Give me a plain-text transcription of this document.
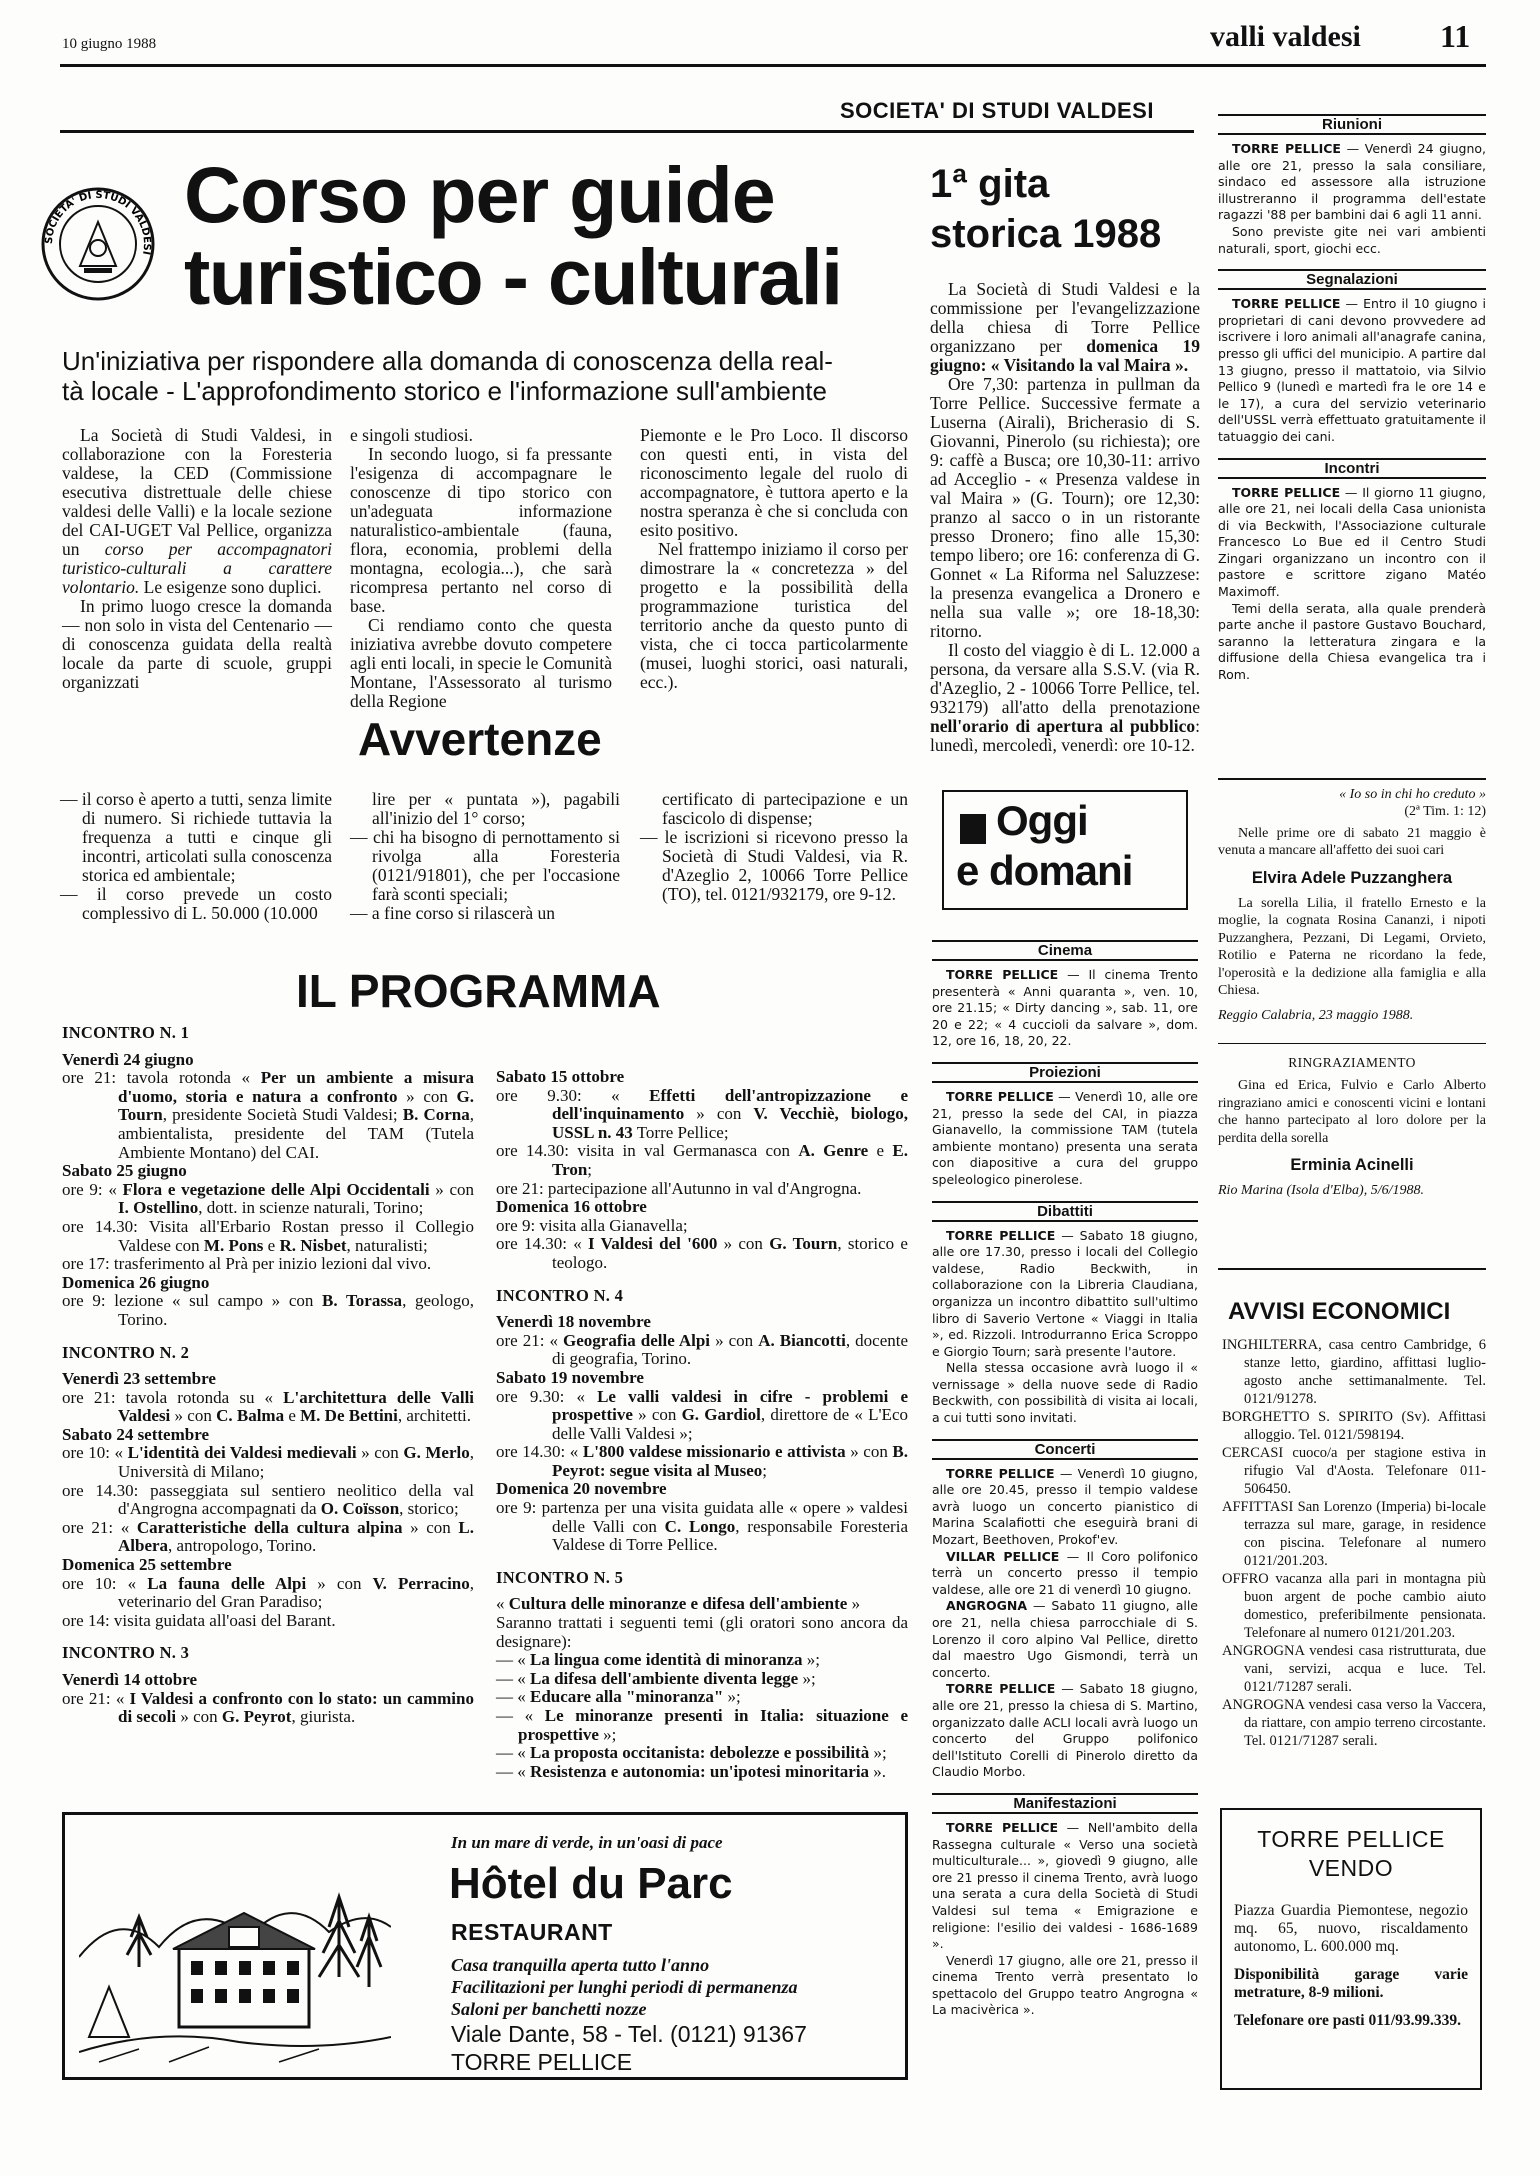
10 giugno 1988	valli valdesi 11
SOCIETA' DI STUDI VALDESI
SOCIETA' DI STUDI VALDESI
Corso per guide
turistico - culturali
Un'iniziativa per rispondere alla domanda di conoscenza della real-
tà locale - L'approfondimento storico e l'informazione sull'ambiente

La Società di Studi Valdesi, in collaborazione con la Foresteria valdese, la CED (Commissione esecutiva distrettuale delle chiese valdesi delle Valli) e la locale sezione del CAI-UGET Val Pellice, organizza un corso per accompagnatori turistico-culturali a carattere volontario. Le esigenze sono duplici.

In primo luogo cresce la domanda — non solo in vista del Centenario — di conoscenza guidata della realtà locale da parte di scuole, gruppi organizzati

e singoli studiosi.

In secondo luogo, si fa pressante l'esigenza di accompagnare le conoscenze di tipo storico con un'adeguata informazione naturalistico-ambientale (fauna, flora, economia, problemi della montagna, ecologia...), che sarà ricompresa pertanto nel corso di base.

Ci rendiamo conto che questa iniziativa avrebbe dovuto competere agli enti locali, in specie le Comunità Montane, l'Assessorato al turismo della Regione

Piemonte e le Pro Loco. Il discorso con questi enti, in vista del riconoscimento legale del ruolo di accompagnatore, è tuttora aperto e la nostra speranza è che si concluda con esito positivo.

Nel frattempo iniziamo il corso per dimostrare la « concretezza » del progetto e la possibilità della programmazione turistica del territorio anche da questo punto di vista, che ci tocca particolarmente (musei, luoghi storici, oasi naturali, ecc.).

Avvertenze

— il corso è aperto a tutti, senza limite di numero. Si richiede tuttavia la frequenza a tutti e cinque gli incontri, articolati sulla conoscenza storica ed ambientale;

— il corso prevede un costo complessivo di L. 50.000 (10.000

lire per « puntata »), pagabili all'inizio del 1° corso;

— chi ha bisogno di pernottamento si rivolga alla Foresteria (0121/91801), che per l'occasione farà sconti speciali;

— a fine corso si rilascerà un

certificato di partecipazione e un fascicolo di dispense;

— le iscrizioni si ricevono presso la Società di Studi Valdesi, via R. d'Azeglio 2, 10066 Torre Pellice (TO), tel. 0121/932179, ore 9-12.

IL PROGRAMMA
INCONTRO N. 1
Venerdì 24 giugno
ore 21: tavola rotonda « Per un ambiente a misura d'uomo, storia e natura a confronto » con G. Tourn, presidente Società Studi Valdesi; B. Corna, ambientalista, presidente del TAM (Tutela Ambiente Montano) del CAI.
Sabato 25 giugno
ore 9: « Flora e vegetazione delle Alpi Occidentali » con I. Ostellino, dott. in scienze naturali, Torino;
ore 14.30: Visita all'Erbario Rostan presso il Collegio Valdese con M. Pons e R. Nisbet, naturalisti;
ore 17: trasferimento al Prà per inizio lezioni dal vivo.
Domenica 26 giugno
ore 9: lezione « sul campo » con B. Torassa, geologo, Torino.
INCONTRO N. 2
Venerdì 23 settembre
ore 21: tavola rotonda su « L'architettura delle Valli Valdesi » con C. Balma e M. De Bettini, architetti.
Sabato 24 settembre
ore 10: « L'identità dei Valdesi medievali » con G. Merlo, Università di Milano;
ore 14.30: passeggiata sul sentiero neolitico della val d'Angrogna accompagnati da O. Coïsson, storico;
ore 21: « Caratteristiche della cultura alpina » con L. Albera, antropologo, Torino.
Domenica 25 settembre
ore 10: « La fauna delle Alpi » con V. Perracino, veterinario del Gran Paradiso;
ore 14: visita guidata all'oasi del Barant.
INCONTRO N. 3
Venerdì 14 ottobre
ore 21: « I Valdesi a confronto con lo stato: un cammino di secoli » con G. Peyrot, giurista.
Sabato 15 ottobre
ore 9.30: « Effetti dell'antropizzazione e dell'inquinamento » con V. Vecchiè, biologo, USSL n. 43 Torre Pellice;
ore 14.30: visita in val Germanasca con A. Genre e E. Tron;
ore 21: partecipazione all'Autunno in val d'Angrogna.
Domenica 16 ottobre
ore 9: visita alla Gianavella;
ore 14.30: « I Valdesi del '600 » con G. Tourn, storico e teologo.
INCONTRO N. 4
Venerdì 18 novembre
ore 21: « Geografia delle Alpi » con A. Biancotti, docente di geografia, Torino.
Sabato 19 novembre
ore 9.30: « Le valli valdesi in cifre - problemi e prospettive » con G. Gardiol, direttore de « L'Eco delle Valli Valdesi »;
ore 14.30: « L'800 valdese missionario e attivista » con B. Peyrot: segue visita al Museo;
Domenica 20 novembre
ore 9: partenza per una visita guidata alle « opere » valdesi delle Valli con C. Longo, responsabile Foresteria Valdese di Torre Pellice.
INCONTRO N. 5
« Cultura delle minoranze e difesa dell'ambiente »
Saranno trattati i seguenti temi (gli oratori sono ancora da designare):
— « La lingua come identità di minoranza »;
— « La difesa dell'ambiente diventa legge »;
— « Educare alla "minoranza" »;
— « Le minoranze presenti in Italia: situazione e prospettive »;
— « La proposta occitanista: debolezze e possibilità »;
— « Resistenza e autonomia: un'ipotesi minoritaria ».
1ª gita
storica 1988

La Società di Studi Valdesi e la commissione per l'evangelizzazione della chiesa di Torre Pellice organizzano per domenica 19 giugno: « Visitando la val Maira ».

Ore 7,30: partenza in pullman da Torre Pellice. Successive fermate a Luserna (Airali), Bricherasio di S. Giovanni, Pinerolo (su richiesta); ore 9: caffè a Busca; ore 10,30-11: arrivo ad Acceglio - « Presenza valdese in val Maira » (G. Tourn); ore 12,30: pranzo al sacco o in un ristorante presso Dronero; fino alle 15,30: tempo libero; ore 16: conferenza di G. Gonnet « La Riforma nel Saluzzese: la presenza evangelica a Dronero e nella sua valle »; ore 18-18,30: ritorno.

Il costo del viaggio è di L. 12.000 a persona, da versare alla S.S.V. (via R. d'Azeglio, 2 - 10066 Torre Pellice, tel. 932179) all'atto della prenotazione nell'orario di apertura al pubblico: lunedì, mercoledì, venerdì: ore 10-12.

Oggi
e domani
Cinema

TORRE PELLICE — Il cinema Trento presenterà « Anni quaranta », ven. 10, ore 21.15; « Dirty dancing », sab. 11, ore 20 e 22; « 4 cuccioli da salvare », dom. 12, ore 16, 18, 20, 22.

Proiezioni

TORRE PELLICE — Venerdì 10, alle ore 21, presso la sede del CAI, in piazza Gianavello, la commissione TAM (tutela ambiente montano) presenta una serata con diapositive a cura del gruppo speleologico pinerolese.

Dibattiti

TORRE PELLICE — Sabato 18 giugno, alle ore 17.30, presso i locali del Collegio valdese, Radio Beckwith, in collaborazione con la Libreria Claudiana, organizza un incontro dibattito sull'ultimo libro di Saverio Vertone « Viaggi in Italia », ed. Rizzoli. Introdurranno Erica Scroppo e Giorgio Tourn; sarà presente l'autore.

Nella stessa occasione avrà luogo il « vernissage » della nuove sede di Radio Beckwith, con possibilità di visita ai locali, a cui tutti sono invitati.

Concerti

TORRE PELLICE — Venerdì 10 giugno, alle ore 20.45, presso il tempio valdese avrà luogo un concerto pianistico di Marina Scalafiotti che eseguirà brani di Mozart, Beethoven, Prokof'ev.

VILLAR PELLICE — Il Coro polifonico terrà un concerto presso il tempio valdese, alle ore 21 di venerdì 10 giugno.

ANGROGNA — Sabato 11 giugno, alle ore 21, nella chiesa parrocchiale di S. Lorenzo il coro alpino Val Pellice, diretto dal maestro Ugo Gismondi, terrà un concerto.

TORRE PELLICE — Sabato 18 giugno, alle ore 21, presso la chiesa di S. Martino, organizzato dalle ACLI locali avrà luogo un concerto del Gruppo polifonico dell'Istituto Corelli di Pinerolo diretto da Claudio Morbo.

Manifestazioni

TORRE PELLICE — Nell'ambito della Rassegna culturale « Verso una società multiculturale... », giovedì 9 giugno, alle ore 21 presso il cinema Trento, avrà luogo una serata a cura della Società di Studi Valdesi sul tema « Emigrazione e religione: l'esilio dei valdesi - 1686-1689 ».

Venerdì 17 giugno, alle ore 21, presso il cinema Trento verrà presentato lo spettacolo del Gruppo teatro Angrogna « La macivèrica ».

Riunioni

TORRE PELLICE — Venerdì 24 giugno, alle ore 21, presso la sala consiliare, sindaco ed assessore alla istruzione illustreranno il programma dell'estate ragazzi '88 per bambini dai 6 agli 11 anni.

Sono previste gite nei vari ambienti naturali, sport, giochi ecc.

Segnalazioni

TORRE PELLICE — Entro il 10 giugno i proprietari di cani devono provvedere ad iscrivere i loro animali all'anagrafe canina, presso gli uffici del municipio. A partire dal 13 giugno, presso il mattatoio, via Silvio Pellico 9 (lunedì e martedì fra le ore 14 e le 17), a cura del servizio veterinario dell'USSL verrà effettuato gratuitamente il tatuaggio dei cani.

Incontri

TORRE PELLICE — Il giorno 11 giugno, alle ore 21, nei locali della Casa unionista di via Beckwith, l'Associazione culturale Francesco Lo Bue ed il Centro Studi Zingari organizzano un incontro con il pastore e scrittore zigano Matéo Maximoff.

Temi della serata, alla quale prenderà parte anche il pastore Gustavo Bouchard, saranno la letteratura zingara e la diffusione della Chiesa evangelica tra i Rom.

« Io so in chi ho creduto »
(2ª Tim. 1: 12)

Nelle prime ore di sabato 21 maggio è venuta a mancare all'affetto dei suoi cari

Elvira Adele Puzzanghera

La sorella Lilia, il fratello Ernesto e la moglie, la cognata Rosina Cananzi, i nipoti Puzzanghera, Pezzani, Di Legami, Orvieto, Rotilio e Paterna ne ricordano la fede, l'operosità e la dedizione alla famiglia e alla Chiesa.

Reggio Calabria, 23 maggio 1988.

RINGRAZIAMENTO

Gina ed Erica, Fulvio e Carlo Alberto ringraziano amici e conoscenti vicini e lontani che hanno partecipato al loro dolore per la perdita della sorella

Erminia Acinelli

Rio Marina (Isola d'Elba), 5/6/1988.

AVVISI ECONOMICI

INGHILTERRA, casa centro Cambridge, 6 stanze letto, giardino, affittasi luglio-agosto anche settimanalmente. Tel. 0121/91278.

BORGHETTO S. SPIRITO (Sv). Affittasi alloggio. Tel. 0121/598194.

CERCASI cuoco/a per stagione estiva in rifugio Val d'Aosta. Telefonare 011-506450.

AFFITTASI San Lorenzo (Imperia) bi-locale terrazza sul mare, garage, in residence con piscina. Telefonare al numero 0121/201.203.

OFFRO vacanza alla pari in montagna più buon argent de poche cambio aiuto domestico, preferibilmente pensionata. Telefonare al numero 0121/201.203.

ANGROGNA vendesi casa ristrutturata, due vani, servizi, acqua e luce. Tel. 0121/71287 serali.

ANGROGNA vendesi casa verso la Vaccera, da riattare, con ampio terreno circostante. Tel. 0121/71287 serali.

TORRE PELLICE
VENDO

Piazza Guardia Piemontese, negozio mq. 65, nuovo, riscaldamento autonomo, L. 600.000 mq.

Disponibilità garage varie metrature, 8-9 milioni.

Telefonare ore pasti 011/93.99.339.

In un mare di verde, in un'oasi di pace
Hôtel du Parc
RESTAURANT
Casa tranquilla aperta tutto l'anno
Facilitazioni per lunghi periodi di permanenza
Saloni per banchetti nozze
Viale Dante, 58 - Tel. (0121) 91367
TORRE PELLICE
